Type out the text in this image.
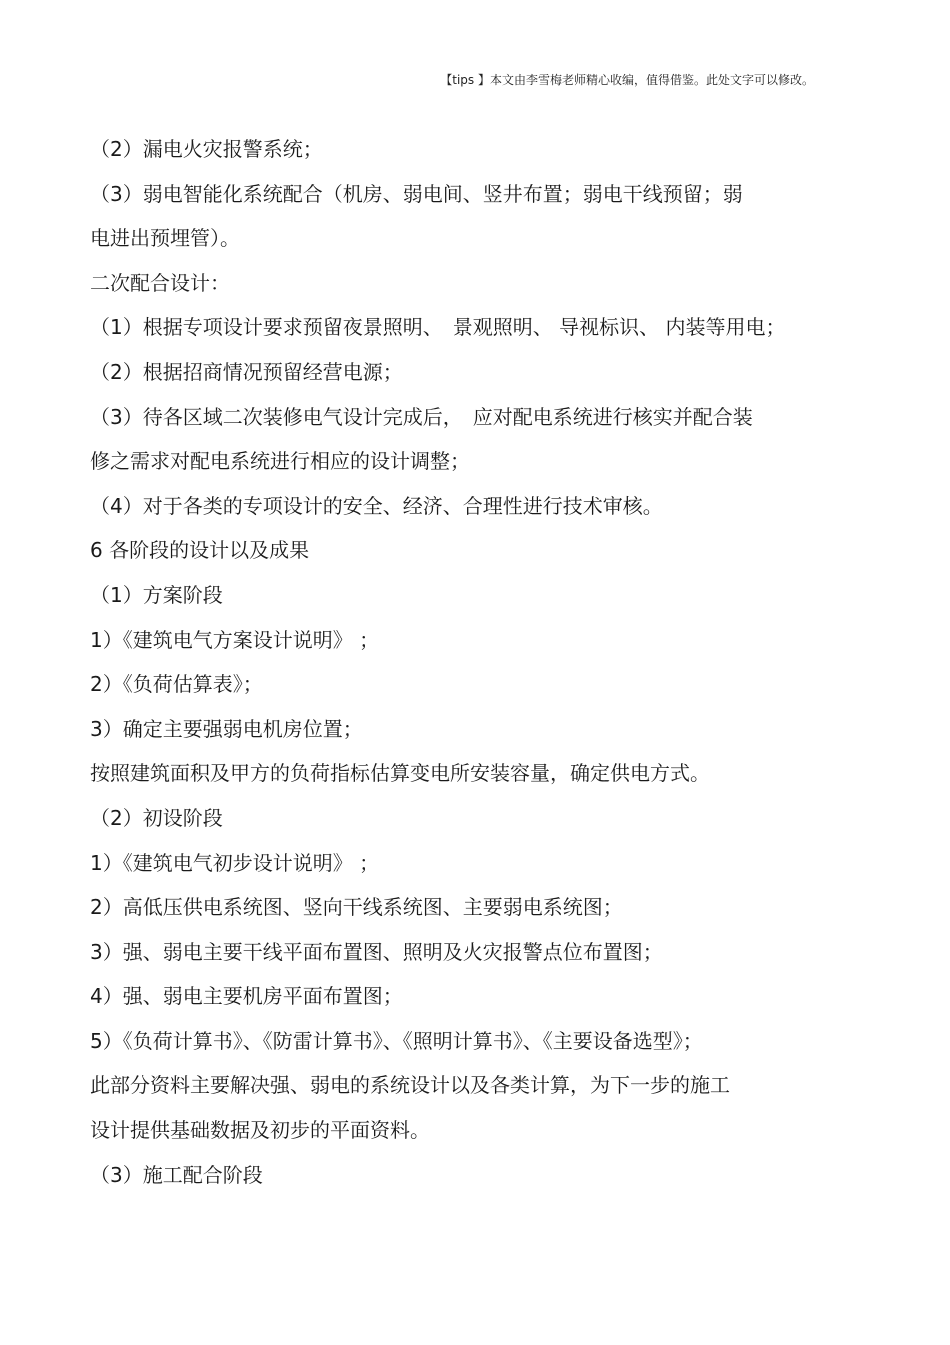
【tips 】本文由李雪梅老师精心收编，值得借鉴。此处文字可以修改。
（2）漏电火灾报警系统；
（3）弱电智能化系统配合（机房、弱电间、竖井布置；弱电干线预留；弱
电进出预埋管）。
二次配合设计：
（1）根据专项设计要求预留夜景照明、　景观照明、 导视标识、 内装等用电；
（2）根据招商情况预留经营电源；
（3）待各区域二次装修电气设计完成后，　应对配电系统进行核实并配合装
修之需求对配电系统进行相应的设计调整；
（4）对于各类的专项设计的安全、经济、合理性进行技术审核。
6 各阶段的设计以及成果
（1）方案阶段
1）《建筑电气方案设计说明》 ；
2）《负荷估算表》；
3）确定主要强弱电机房位置；
按照建筑面积及甲方的负荷指标估算变电所安装容量，确定供电方式。
（2）初设阶段
1）《建筑电气初步设计说明》 ；
2）高低压供电系统图、竖向干线系统图、主要弱电系统图；
3）强、弱电主要干线平面布置图、照明及火灾报警点位布置图；
4）强、弱电主要机房平面布置图；
5）《负荷计算书》、《防雷计算书》、《照明计算书》、《主要设备选型》；
此部分资料主要解决强、弱电的系统设计以及各类计算，为下一步的施工
设计提供基础数据及初步的平面资料。
（3）施工配合阶段
